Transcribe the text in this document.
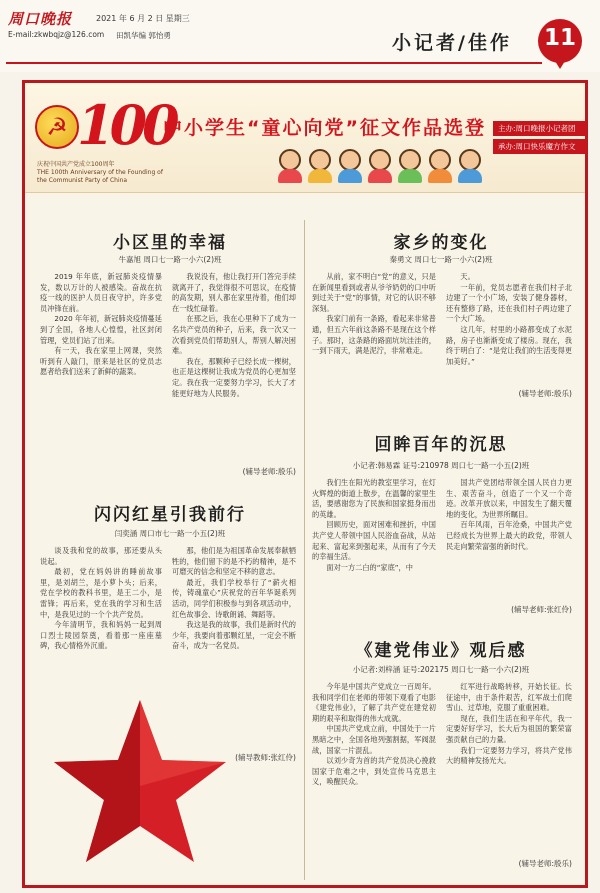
周口晚报	2021 年 6 月 2 日 星期三
E-mail:zkwbqjz@126.com 田凯华编 郭怡勇	小记者/佳作 11
☭
100
庆祝中国共产党成立100周年
THE 100th Anniversary of the Founding of the Communist Party of China
中小学生“童心向党”征文作品选登	主办:周口晚报小记者团
承办:周口快乐魔方作文
小区里的幸福
牛嘉旭 周口七一路一小六(2)班

2019 年年底，新冠肺炎疫情暴发，数以万计的人被感染。奋战在抗疫一线的医护人员日夜守护，许多党员冲锋在前。

2020 年年初，新冠肺炎疫情蔓延到了全国，各地人心惶惶，社区封闭管理，党员们站了出来。

有一天，我在家里上网课，突然听到有人敲门，原来是社区的党员志愿者给我们送来了新鲜的蔬菜。

我说没有，他让我打开门答完手续就离开了，我觉得很不可思议，在疫情的高发期，别人都在家里待着，他们却在一线忙碌着。

在那之后，我在心里种下了成为一名共产党员的种子，后来，我一次又一次看到党员们帮助别人，帮别人解决困难。

我在，那颗种子已经长成一棵树，也正是这棵树让我成为党员的心更加坚定。我在我一定要努力学习，长大了才能更好地为人民服务。

(辅导老师:殷乐)
家乡的变化
秦勇文 周口七一路一小六(2)班

从前，家不明白“党”的意义，只是在新闻里看到或者从爷爷奶奶的口中听到过关于“党”的事情，对它的认识不够深刻。

我家门前有一条路，看起来非常普通，但五六年前这条路不是现在这个样子。那时，这条路的路面坑坑洼洼的，一到下雨天，满是泥泞，非常难走。

天。

一年前，党员志愿者在我们村子北边建了一个小广场，安装了健身器材，还有整修了路，还在我们村子两边建了一个大广场。

这几年，村里的小路都变成了水泥路，房子也渐渐变成了楼房。现在，我终于明白了：“是党让我们的生活变得更加美好。”

(辅导老师:殷乐)
回眸百年的沉思
小记者:韩易霖 证号:210978 周口七一路一小五(2)班

我们生在阳光的教室里学习，在灯火辉煌的街道上散步，在温馨的家里生活，要感谢您为了民族和国家挺身而出的英雄。

回顾历史，面对困难和挫折，中国共产党人带领中国人民浴血奋战，从站起来、富起来到强起来，从而有了今天的幸福生活。

面对一方二白的“家底”，中

国共产党团结带领全国人民自力更生、艰苦奋斗，创造了一个又一个奇迹。改革开放以来，中国发生了翻天覆地的变化，为世界所瞩目。

百年风雨，百年沧桑，中国共产党已经成长为世界上最大的政党，带领人民走向繁荣富强的新时代。

(辅导老师:张红伶)
闪闪红星引我前行
闫奕涵 周口市七一路一小五(2)班

谈及我和党的故事，那还要从头说起。

最初，党在妈妈讲的睡前故事里，是刘胡兰，是小萝卜头；后来，党在学校的教科书里，是王二小，是雷锋；再后来，党在我的学习和生活中，是我见过的一个个共产党员。

今年清明节，我和妈妈一起到周口烈士陵园祭奠，看着那一座座墓碑，我心情格外沉重。

那，他们是为祖国革命发展奉献牺牲的，他们留下的是不朽的精神，是不可磨灭的信念和坚定不移的意志。

最近，我们学校举行了“薪火相传，铸魂童心”庆祝党的百年华诞系列活动，同学们积极参与到各项活动中，红色故事会、诗歌朗诵、舞蹈等。

我这是我的故事，我们是新时代的少年，我要向着那颗红星，一定会不断奋斗，成为一名党员。

(辅导教师:张红伶)
《建党伟业》观后感
小记者:刘梓涵 证号:202175 周口七一路一小六(2)班

今年是中国共产党成立一百周年。我和同学们在老师的带领下观看了电影《建党伟业》，了解了共产党在建党初期的艰辛和取得的伟大成就。

中国共产党成立前，中国处于一片黑暗之中，全国各地列强割据，军阀混战，国家一片混乱。

以刘少奇为首的共产党员决心挽救国家于危难之中，到处宣传马克思主义，唤醒民众。

红军进行战略转移，开始长征。长征途中，由于条件艰苦，红军战士们爬雪山、过草地，克服了重重困难。

现在，我们生活在和平年代，我一定要好好学习，长大后为祖国的繁荣富强贡献自己的力量。

我们一定要努力学习，将共产党伟大的精神发扬光大。

(辅导老师:殷乐)
